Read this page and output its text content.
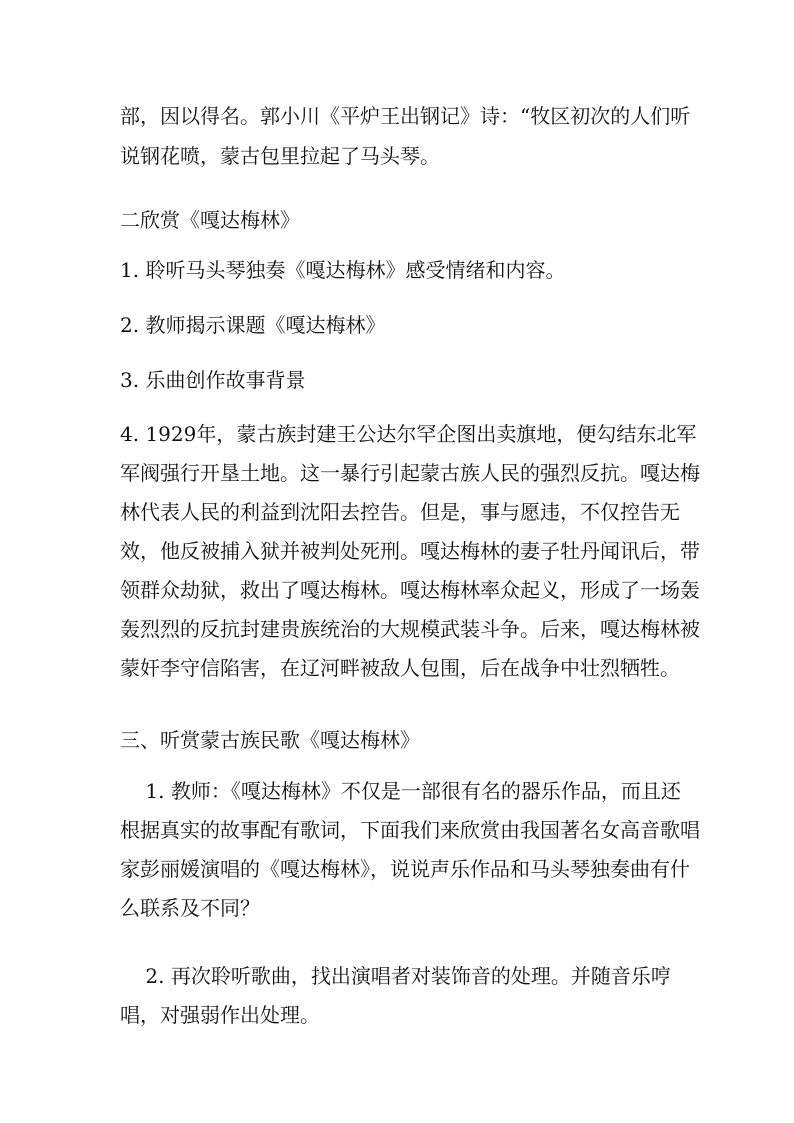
部，因以得名。郭小川《平炉王出钢记》诗：“牧区初次的人们听
说钢花喷，蒙古包里拉起了马头琴。
二欣赏《嘎达梅林》
1. 聆听马头琴独奏《嘎达梅林》感受情绪和内容。
2. 教师揭示课题《嘎达梅林》
3. 乐曲创作故事背景
4. 1929年，蒙古族封建王公达尔罕企图出卖旗地，便勾结东北军
军阀强行开垦土地。这一暴行引起蒙古族人民的强烈反抗。嘎达梅
林代表人民的利益到沈阳去控告。但是，事与愿违，不仅控告无
效，他反被捕入狱并被判处死刑。嘎达梅林的妻子牡丹闻讯后，带
领群众劫狱，救出了嘎达梅林。嘎达梅林率众起义，形成了一场轰
轰烈烈的反抗封建贵族统治的大规模武装斗争。后来，嘎达梅林被
蒙奸李守信陷害，在辽河畔被敌人包围，后在战争中壮烈牺牲。
三、听赏蒙古族民歌《嘎达梅林》
1. 教师：《嘎达梅林》不仅是一部很有名的器乐作品，而且还
根据真实的故事配有歌词，下面我们来欣赏由我国著名女高音歌唱
家彭丽媛演唱的《嘎达梅林》，说说声乐作品和马头琴独奏曲有什
么联系及不同？
2. 再次聆听歌曲，找出演唱者对装饰音的处理。并随音乐哼
唱，对强弱作出处理。
